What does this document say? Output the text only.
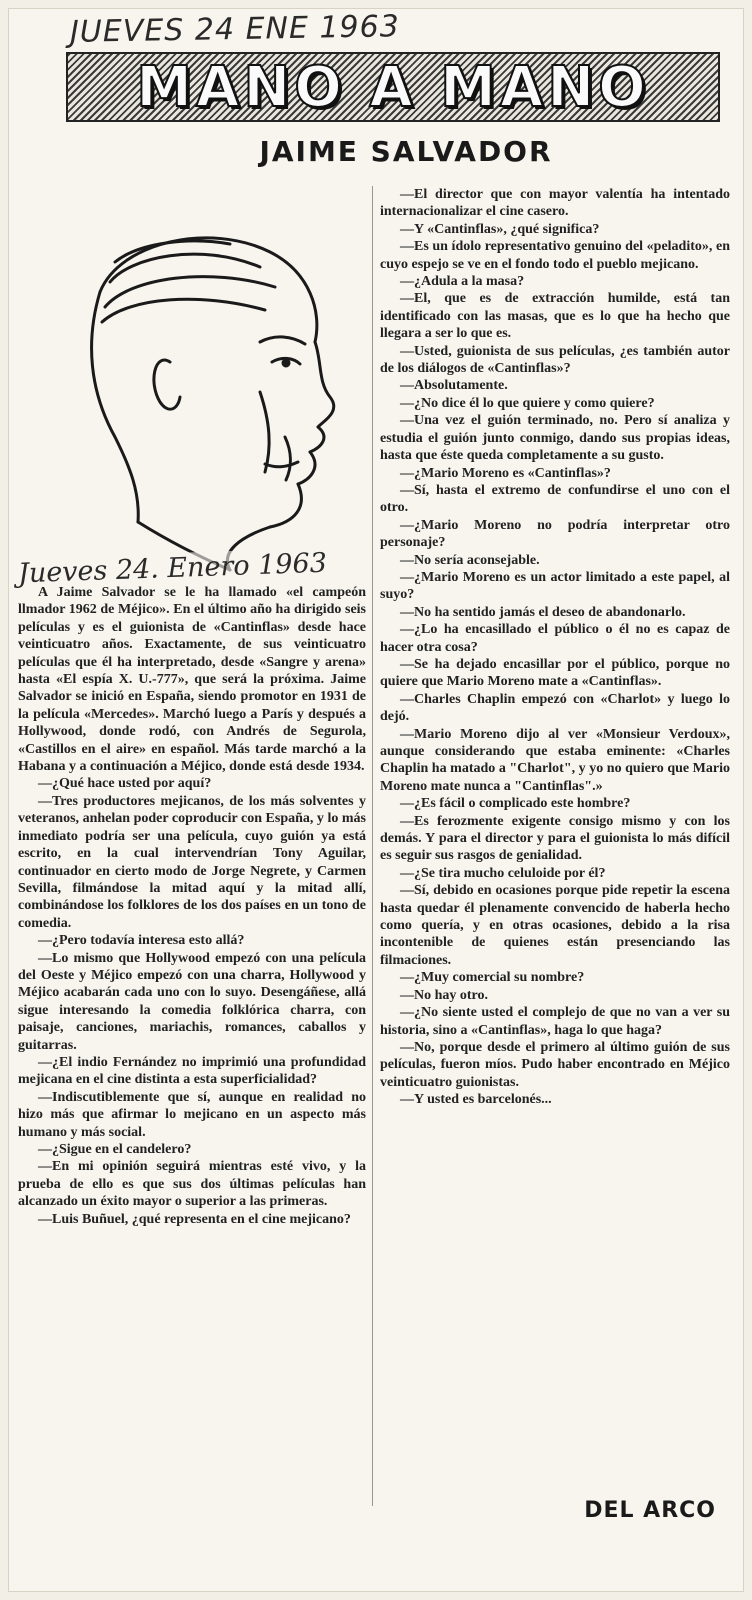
JUEVES 24 ENE 1963
MANO A MANO
JAIME SALVADOR
Jueves 24. Enero 1963

A Jaime Salvador se le ha llamado «el campeón llmador 1962 de Méjico». En el último año ha dirigido seis películas y es el guionista de «Cantinflas» desde hace veinticuatro años. Exactamente, de sus veinticuatro películas que él ha interpretado, desde «Sangre y arena» hasta «El espía X. U.-777», que será la próxima. Jaime Salvador se inició en España, siendo promotor en 1931 de la película «Mercedes». Marchó luego a París y después a Hollywood, donde rodó, con Andrés de Segurola, «Castillos en el aire» en español. Más tarde marchó a la Habana y a continuación a Méjico, donde está desde 1934.

—¿Qué hace usted por aquí?

—Tres productores mejicanos, de los más solventes y veteranos, anhelan poder coproducir con España, y lo más inmediato podría ser una película, cuyo guión ya está escrito, en la cual intervendrían Tony Aguilar, continuador en cierto modo de Jorge Negrete, y Carmen Sevilla, filmándose la mitad aquí y la mitad allí, combinándose los folklores de los dos países en un tono de comedia.

—¿Pero todavía interesa esto allá?

—Lo mismo que Hollywood empezó con una película del Oeste y Méjico empezó con una charra, Hollywood y Méjico acabarán cada uno con lo suyo. Desengáñese, allá sigue interesando la comedia folklórica charra, con paisaje, canciones, mariachis, romances, caballos y guitarras.

—¿El indio Fernández no imprimió una profundidad mejicana en el cine distinta a esta superficialidad?

—Indiscutiblemente que sí, aunque en realidad no hizo más que afirmar lo mejicano en un aspecto más humano y más social.

—¿Sigue en el candelero?

—En mi opinión seguirá mientras esté vivo, y la prueba de ello es que sus dos últimas películas han alcanzado un éxito mayor o superior a las primeras.

—Luis Buñuel, ¿qué representa en el cine mejicano?

—El director que con mayor valentía ha intentado internacionalizar el cine casero.

—Y «Cantinflas», ¿qué significa?

—Es un ídolo representativo genuino del «peladito», en cuyo espejo se ve en el fondo todo el pueblo mejicano.

—¿Adula a la masa?

—El, que es de extracción humilde, está tan identificado con las masas, que es lo que ha hecho que llegara a ser lo que es.

—Usted, guionista de sus películas, ¿es también autor de los diálogos de «Cantinflas»?

—Absolutamente.

—¿No dice él lo que quiere y como quiere?

—Una vez el guión terminado, no. Pero sí analiza y estudia el guión junto conmigo, dando sus propias ideas, hasta que éste queda completamente a su gusto.

—¿Mario Moreno es «Cantinflas»?

—Sí, hasta el extremo de confundirse el uno con el otro.

—¿Mario Moreno no podría interpretar otro personaje?

—No sería aconsejable.

—¿Mario Moreno es un actor limitado a este papel, al suyo?

—No ha sentido jamás el deseo de abandonarlo.

—¿Lo ha encasillado el público o él no es capaz de hacer otra cosa?

—Se ha dejado encasillar por el público, porque no quiere que Mario Moreno mate a «Cantinflas».

—Charles Chaplin empezó con «Charlot» y luego lo dejó.

—Mario Moreno dijo al ver «Monsieur Verdoux», aunque considerando que estaba eminente: «Charles Chaplin ha matado a "Charlot", y yo no quiero que Mario Moreno mate nunca a "Cantinflas".»

—¿Es fácil o complicado este hombre?

—Es ferozmente exigente consigo mismo y con los demás. Y para el director y para el guionista lo más difícil es seguir sus rasgos de genialidad.

—¿Se tira mucho celuloide por él?

—Sí, debido en ocasiones porque pide repetir la escena hasta quedar él plenamente convencido de haberla hecho como quería, y en otras ocasiones, debido a la risa incontenible de quienes están presenciando las filmaciones.

—¿Muy comercial su nombre?

—No hay otro.

—¿No siente usted el complejo de que no van a ver su historia, sino a «Cantinflas», haga lo que haga?

—No, porque desde el primero al último guión de sus películas, fueron míos. Pudo haber encontrado en Méjico veinticuatro guionistas.

—Y usted es barcelonés...

DEL ARCO
